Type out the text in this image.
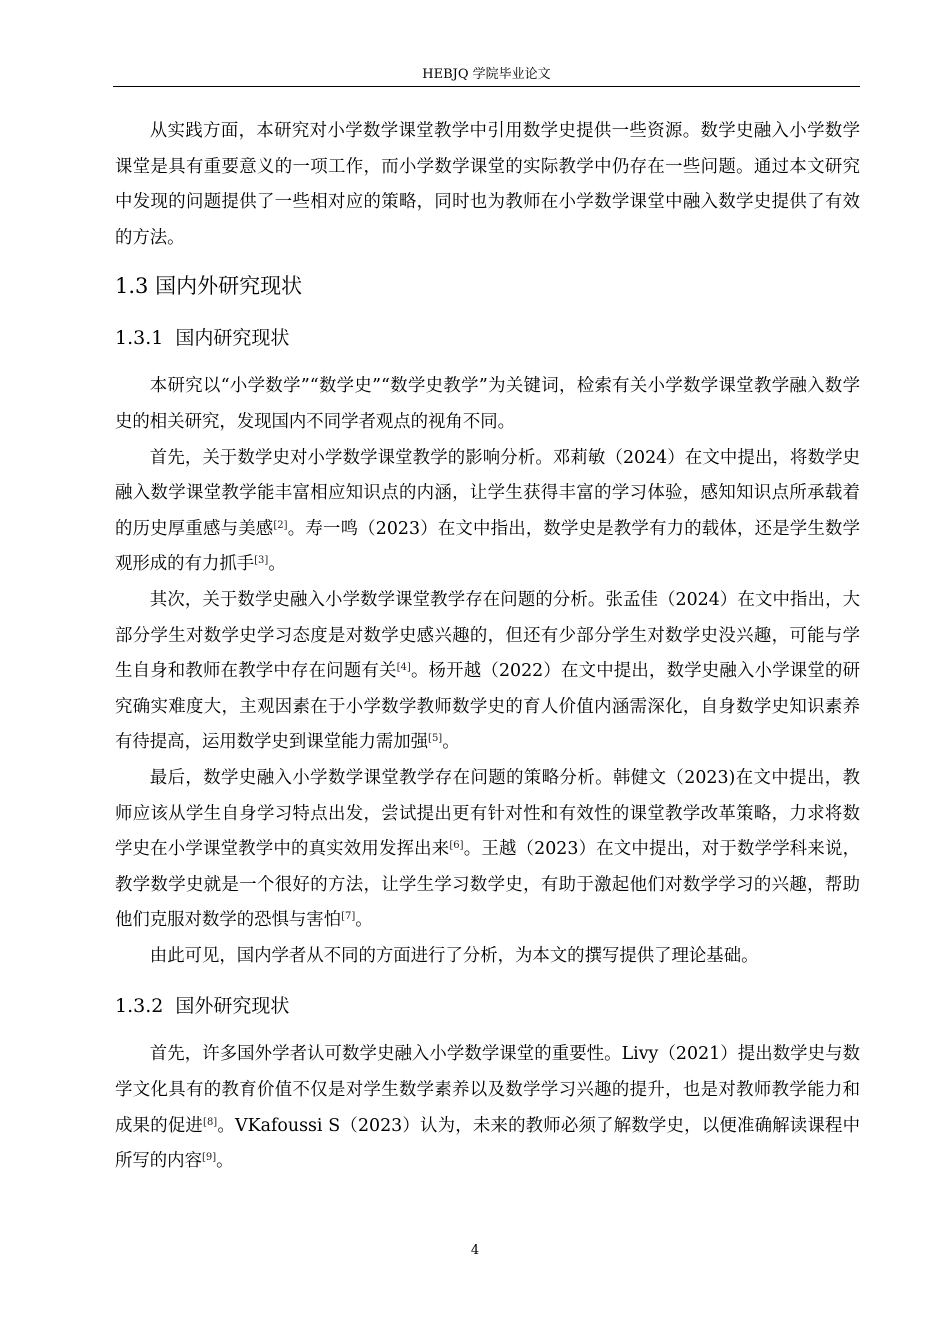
HEBJQ 学院毕业论文

从实践方面，本研究对小学数学课堂教学中引用数学史提供一些资源。数学史融入小学数学课堂是具有重要意义的一项工作，而小学数学课堂的实际教学中仍存在一些问题。通过本文研究中发现的问题提供了一些相对应的策略，同时也为教师在小学数学课堂中融入数学史提供了有效的方法。

1.3 国内外研究现状
1.3.1 国内研究现状

本研究以“小学数学”“数学史”“数学史教学”为关键词，检索有关小学数学课堂教学融入数学史的相关研究，发现国内不同学者观点的视角不同。

首先，关于数学史对小学数学课堂教学的影响分析。邓莉敏（2024）在文中提出，将数学史融入数学课堂教学能丰富相应知识点的内涵，让学生获得丰富的学习体验，感知知识点所承载着的历史厚重感与美感[2]。寿一鸣（2023）在文中指出，数学史是教学有力的载体，还是学生数学观形成的有力抓手[3]。

其次，关于数学史融入小学数学课堂教学存在问题的分析。张孟佳（2024）在文中指出，大部分学生对数学史学习态度是对数学史感兴趣的，但还有少部分学生对数学史没兴趣，可能与学生自身和教师在教学中存在问题有关[4]。杨开越（2022）在文中提出，数学史融入小学课堂的研究确实难度大，主观因素在于小学数学教师数学史的育人价值内涵需深化，自身数学史知识素养有待提高，运用数学史到课堂能力需加强[5]。

最后，数学史融入小学数学课堂教学存在问题的策略分析。韩健文（2023)在文中提出，教师应该从学生自身学习特点出发，尝试提出更有针对性和有效性的课堂教学改革策略，力求将数学史在小学课堂教学中的真实效用发挥出来[6]。王越（2023）在文中提出，对于数学学科来说，教学数学史就是一个很好的方法，让学生学习数学史，有助于激起他们对数学学习的兴趣，帮助他们克服对数学的恐惧与害怕[7]。

由此可见，国内学者从不同的方面进行了分析，为本文的撰写提供了理论基础。

1.3.2 国外研究现状

首先，许多国外学者认可数学史融入小学数学课堂的重要性。Livy（2021）提出数学史与数学文化具有的教育价值不仅是对学生数学素养以及数学学习兴趣的提升，也是对教师教学能力和成果的促进[8]。VKafoussi S（2023）认为，未来的教师必须了解数学史，以便准确解读课程中所写的内容[9]。

4
